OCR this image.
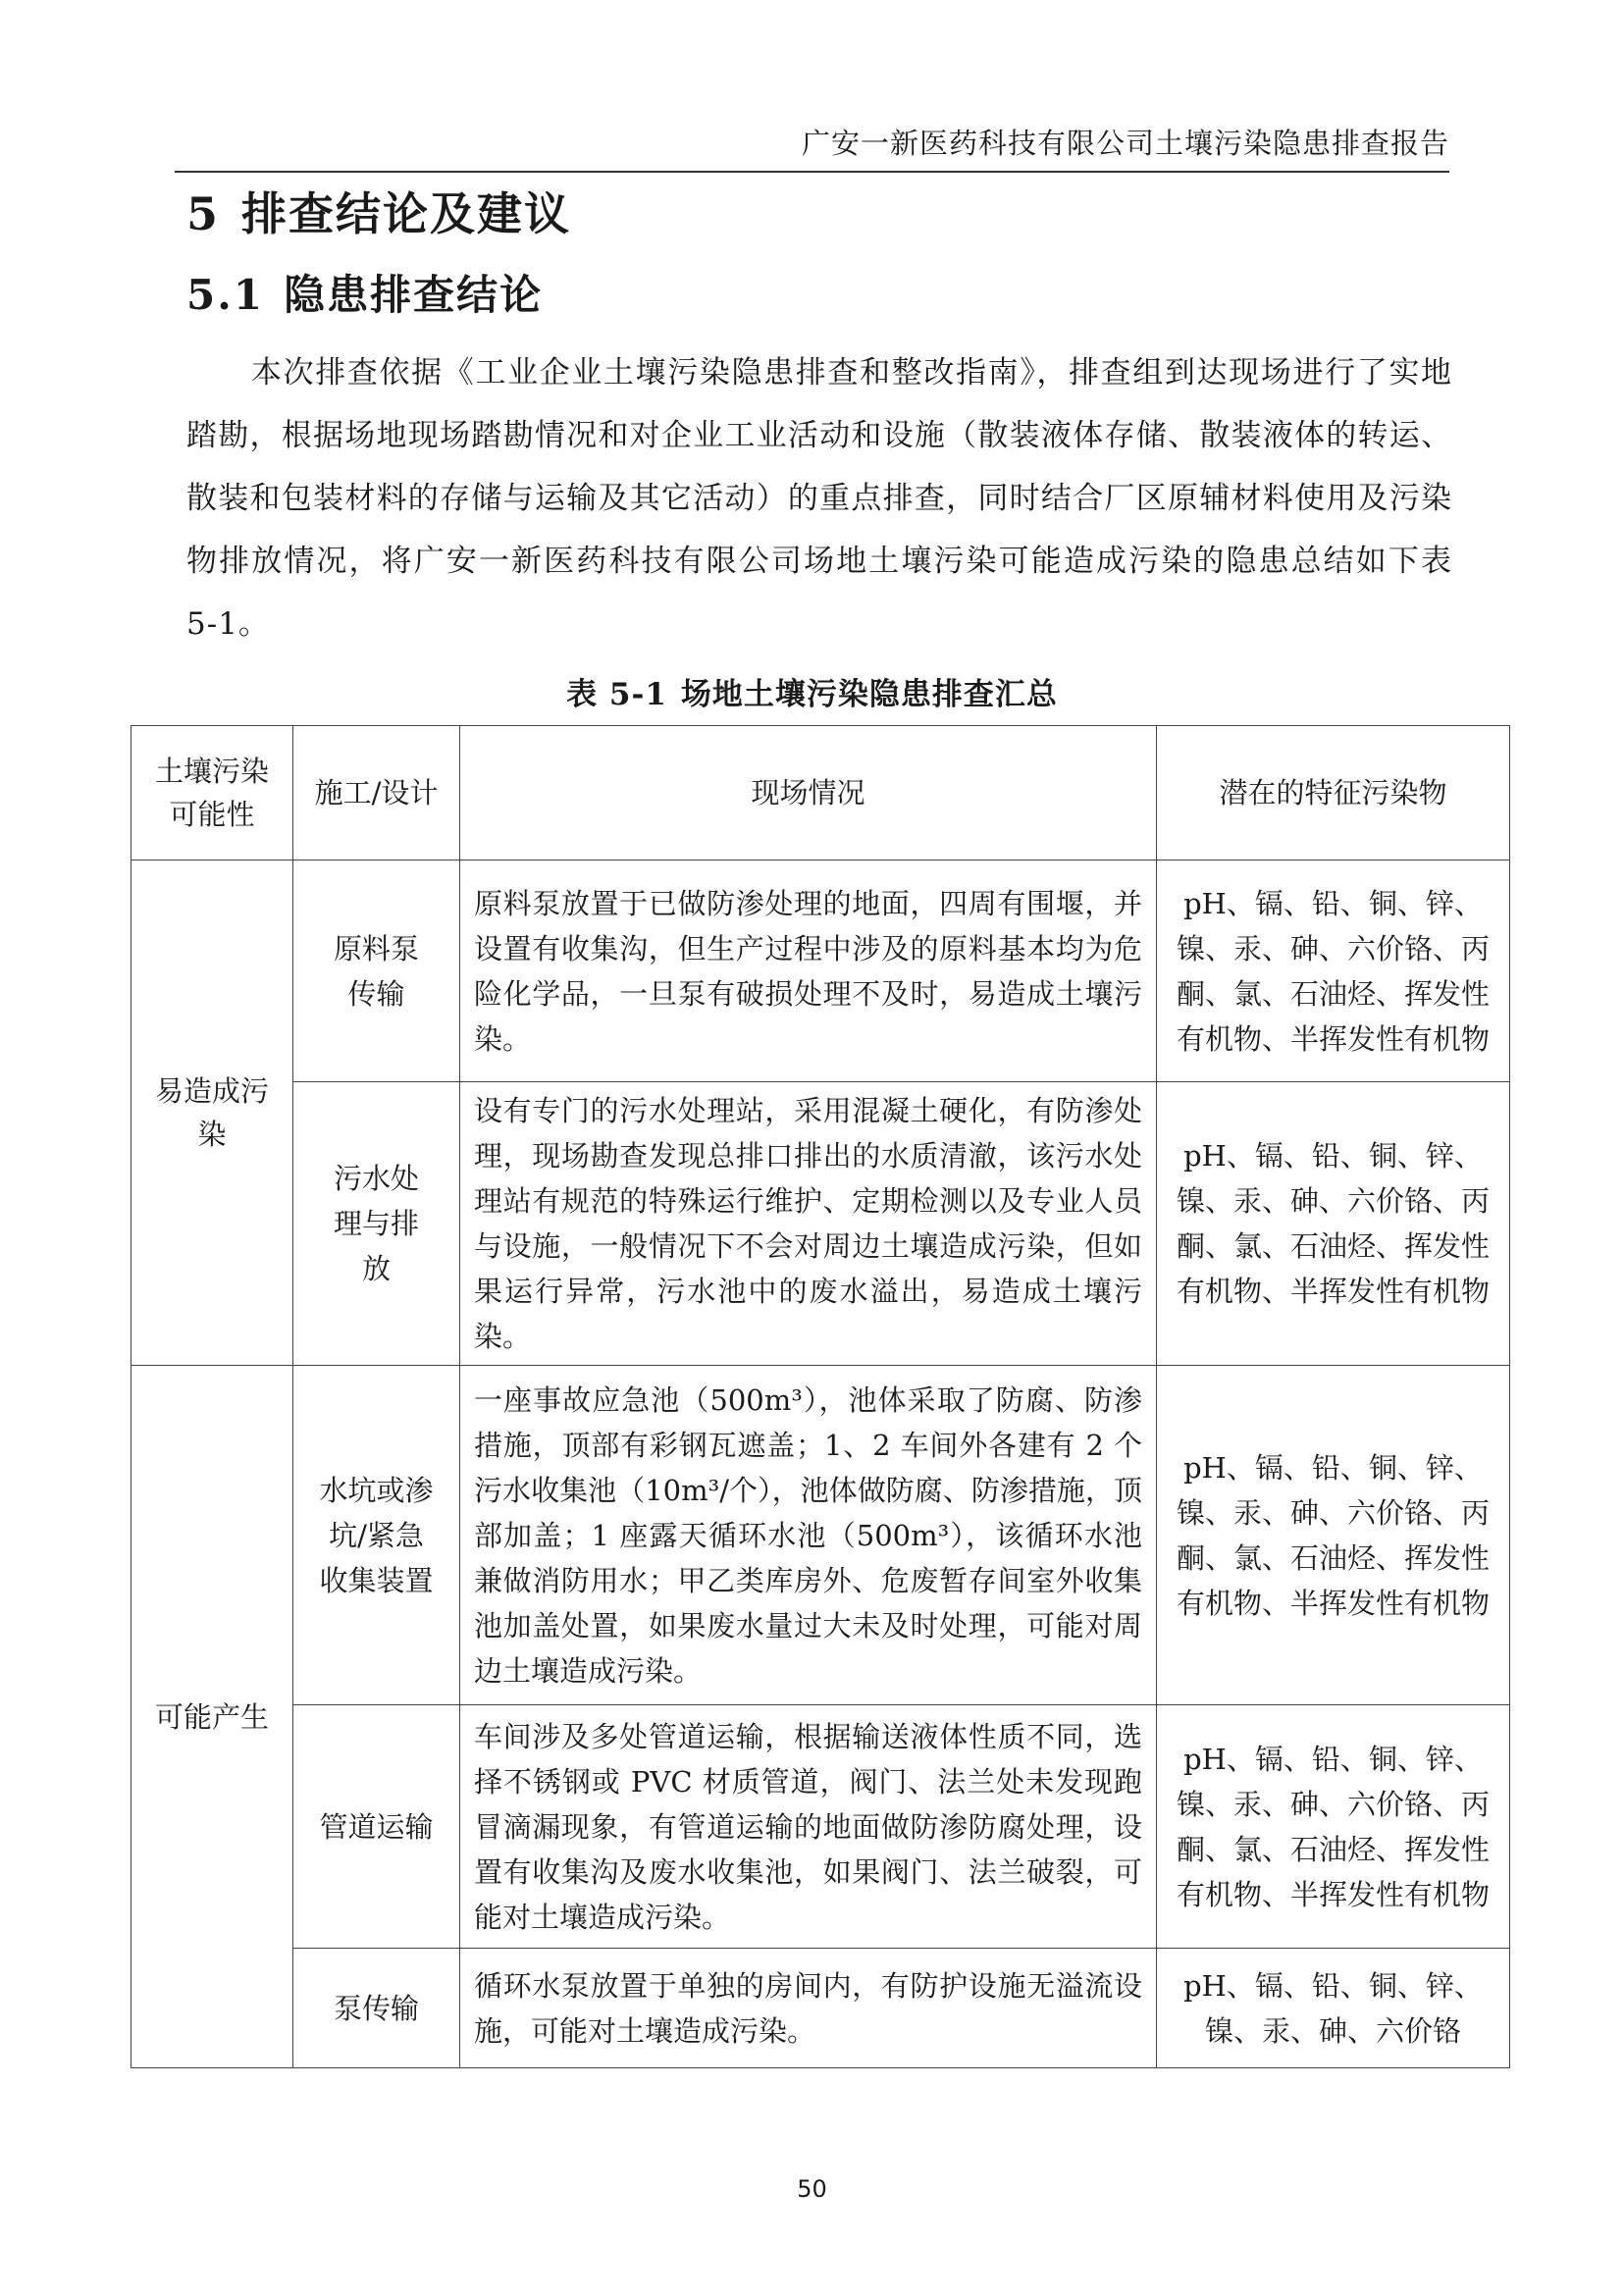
广安一新医药科技有限公司土壤污染隐患排查报告
5 排查结论及建议
5.1 隐患排查结论

本次排查依据《工业企业土壤污染隐患排查和整改指南》，排查组到达现场进行了实地踏勘，根据场地现场踏勘情况和对企业工业活动和设施（散装液体存储、散装液体的转运、散装和包装材料的存储与运输及其它活动）的重点排查，同时结合厂区原辅材料使用及污染物排放情况，将广安一新医药科技有限公司场地土壤污染可能造成污染的隐患总结如下表 5-1。

表 5-1 场地土壤污染隐患排查汇总
土壤污染
可能性	施工/设计	现场情况	潜在的特征污染物
易造成污染	原料泵传输	原料泵放置于已做防渗处理的地面，四周有围堰，并设置有收集沟，但生产过程中涉及的原料基本均为危险化学品，一旦泵有破损处理不及时，易造成土壤污染。	pH、镉、铅、铜、锌、镍、汞、砷、六价铬、丙酮、氯、石油烃、挥发性有机物、半挥发性有机物
	污水处理与排放	设有专门的污水处理站，采用混凝土硬化，有防渗处理，现场勘查发现总排口排出的水质清澈，该污水处理站有规范的特殊运行维护、定期检测以及专业人员与设施，一般情况下不会对周边土壤造成污染，但如果运行异常，污水池中的废水溢出，易造成土壤污染。	pH、镉、铅、铜、锌、镍、汞、砷、六价铬、丙酮、氯、石油烃、挥发性有机物、半挥发性有机物
可能产生	水坑或渗坑/紧急收集装置	一座事故应急池（500m³），池体采取了防腐、防渗措施，顶部有彩钢瓦遮盖；1、2 车间外各建有 2 个污水收集池（10m³/个），池体做防腐、防渗措施，顶部加盖；1 座露天循环水池（500m³），该循环水池兼做消防用水；甲乙类库房外、危废暂存间室外收集池加盖处置，如果废水量过大未及时处理，可能对周边土壤造成污染。	pH、镉、铅、铜、锌、镍、汞、砷、六价铬、丙酮、氯、石油烃、挥发性有机物、半挥发性有机物
	管道运输	车间涉及多处管道运输，根据输送液体性质不同，选择不锈钢或 PVC 材质管道，阀门、法兰处未发现跑冒滴漏现象，有管道运输的地面做防渗防腐处理，设置有收集沟及废水收集池，如果阀门、法兰破裂，可能对土壤造成污染。	pH、镉、铅、铜、锌、镍、汞、砷、六价铬、丙酮、氯、石油烃、挥发性有机物、半挥发性有机物
	泵传输	循环水泵放置于单独的房间内，有防护设施无溢流设施，可能对土壤造成污染。	pH、镉、铅、铜、锌、镍、汞、砷、六价铬
50
